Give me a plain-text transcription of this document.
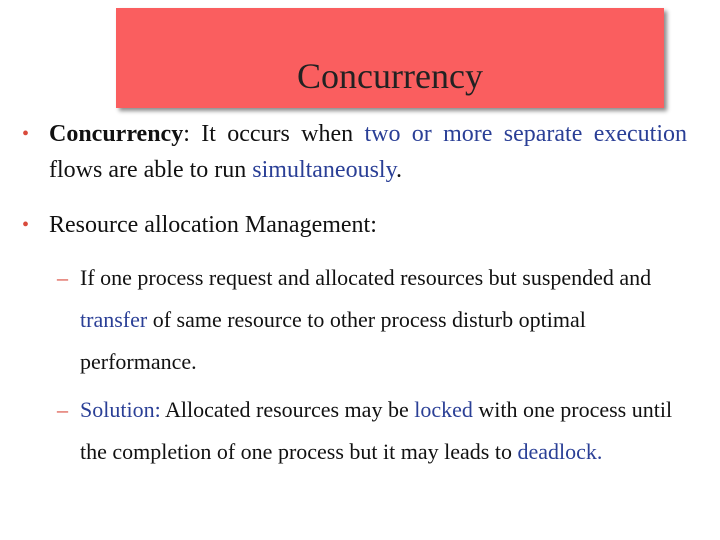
Concurrency
• Concurrency: It occurs when two or more separate execution flows are able to run simultaneously.
• Resource allocation Management:
– If one process request and allocated resources but suspended and transfer of same resource to other process disturb optimal performance.
– Solution: Allocated resources may be locked with one process until the completion of one process but it may leads to deadlock.
